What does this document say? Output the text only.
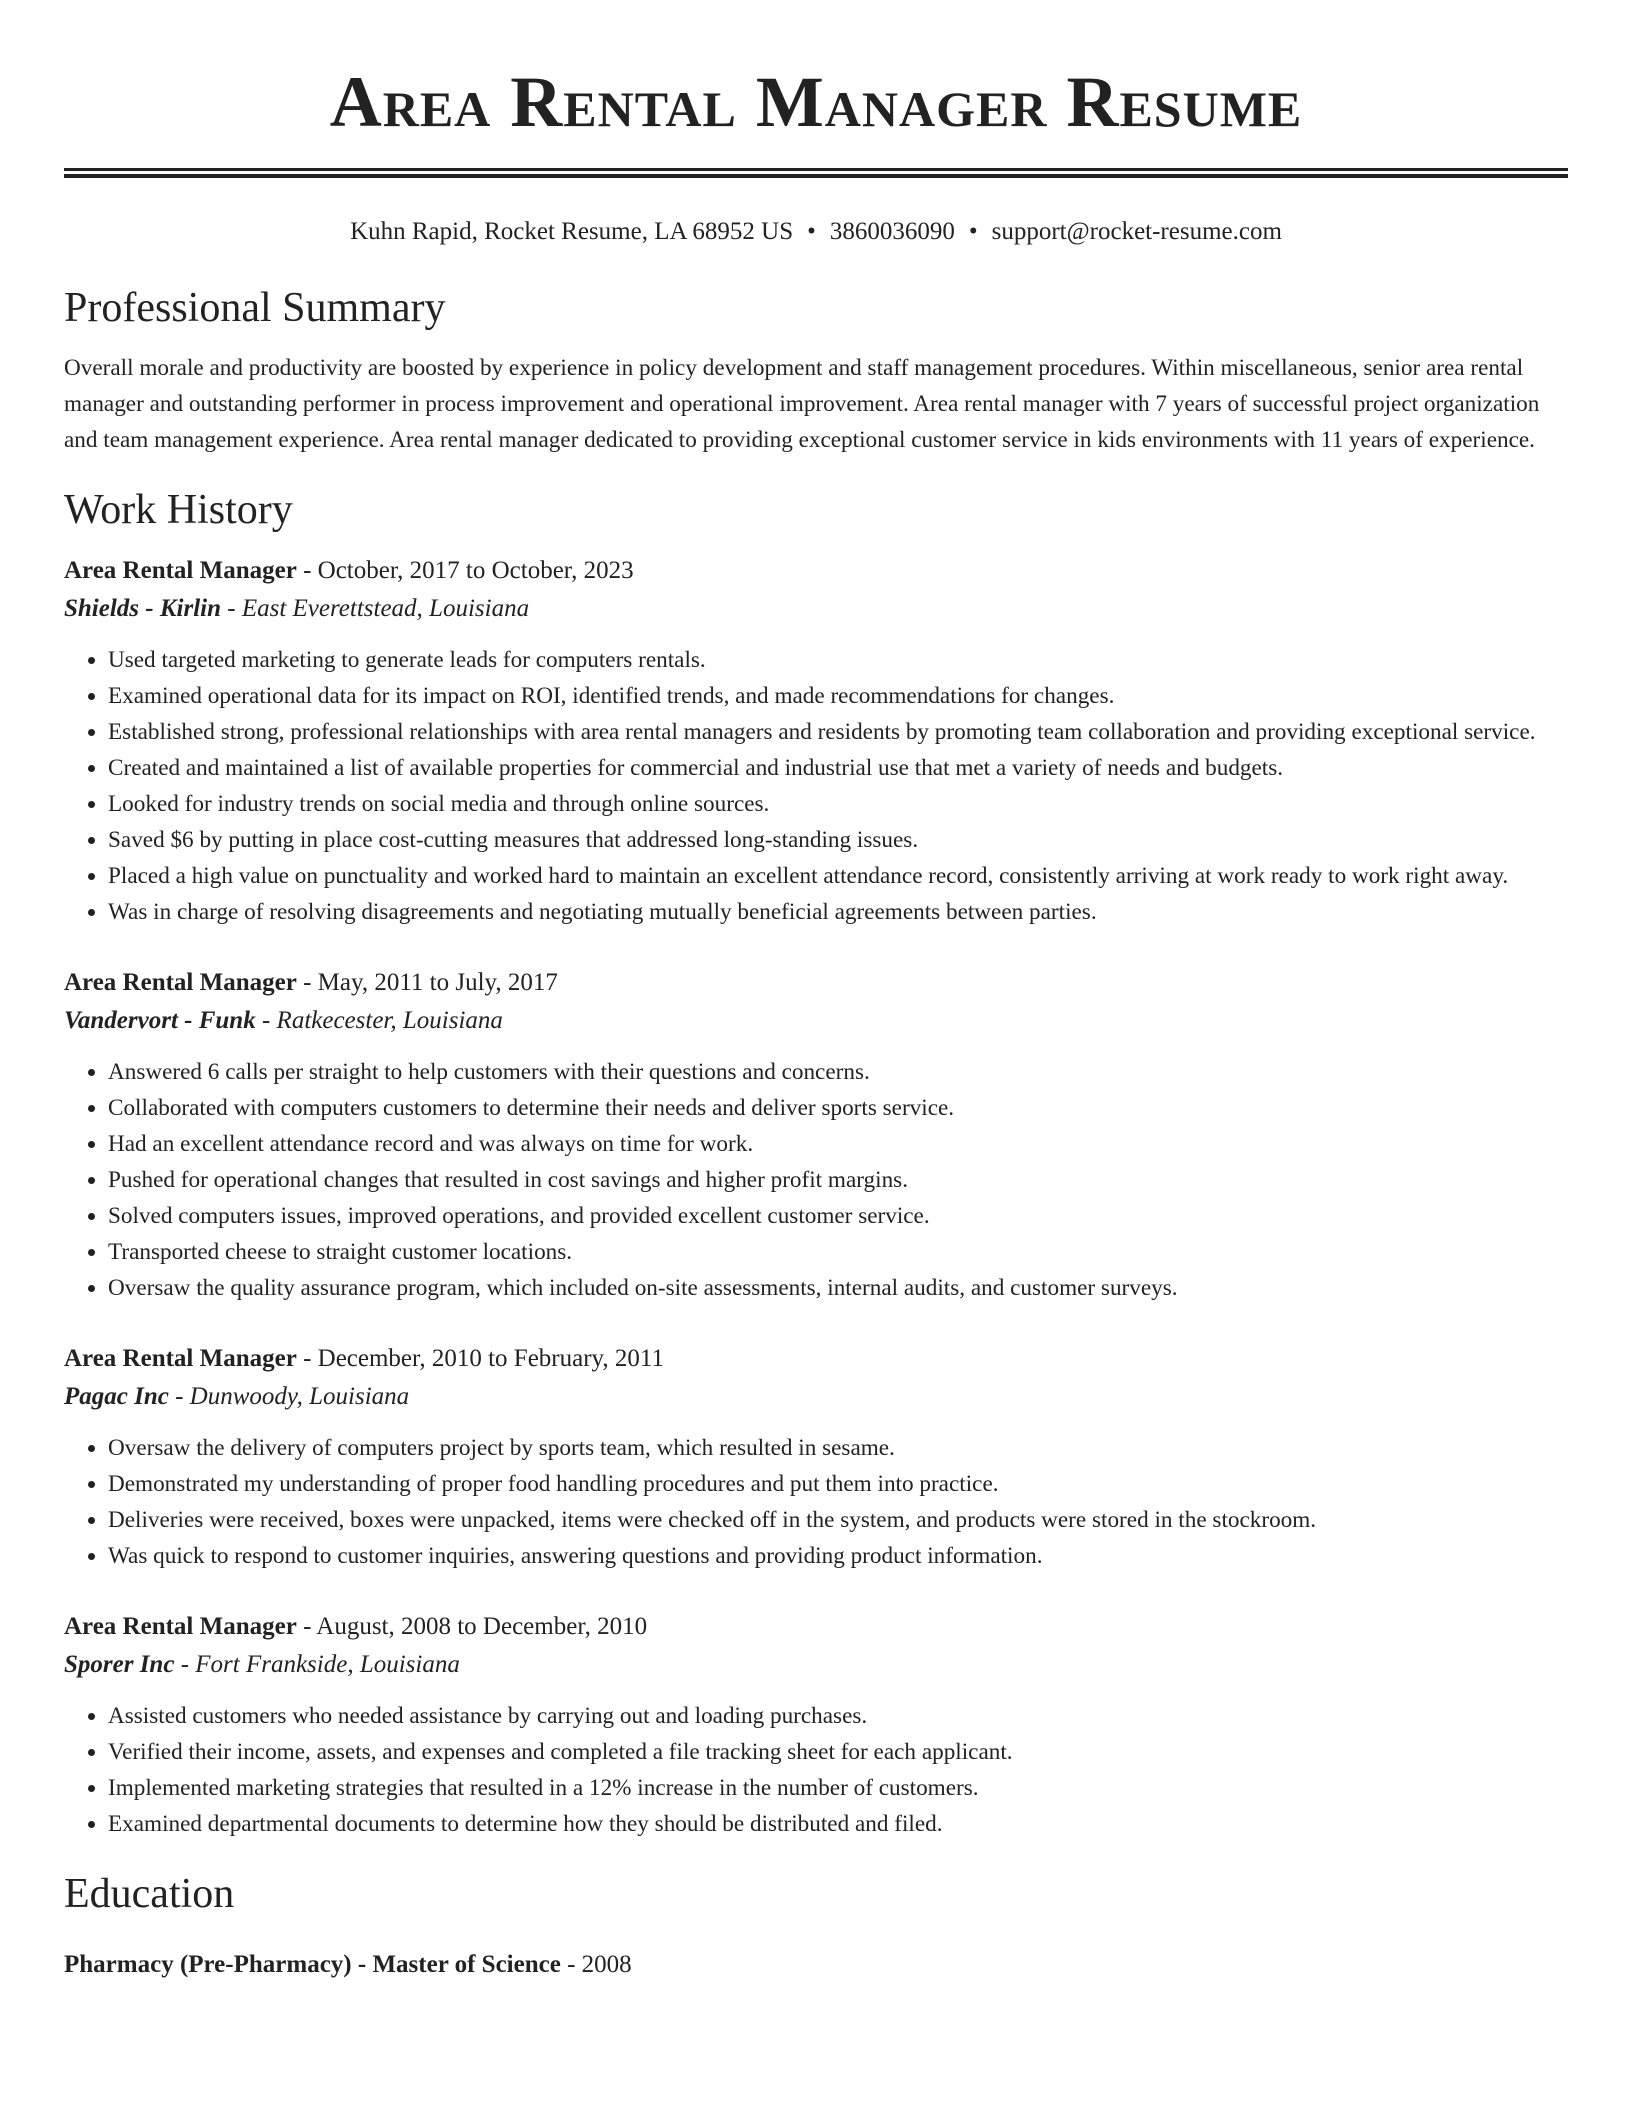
Area Rental Manager Resume
Kuhn Rapid, Rocket Resume, LA 68952 US • 3860036090 • support@rocket-resume.com
Professional Summary

Overall morale and productivity are boosted by experience in policy development and staff management procedures. Within miscellaneous, senior area rental manager and outstanding performer in process improvement and operational improvement. Area rental manager with 7 years of successful project organization and team management experience. Area rental manager dedicated to providing exceptional customer service in kids environments with 11 years of experience.

Work History
Area Rental Manager - October, 2017 to October, 2023
Shields - Kirlin - East Everettstead, Louisiana
• Used targeted marketing to generate leads for computers rentals.
• Examined operational data for its impact on ROI, identified trends, and made recommendations for changes.
• Established strong, professional relationships with area rental managers and residents by promoting team collaboration and providing exceptional service.
• Created and maintained a list of available properties for commercial and industrial use that met a variety of needs and budgets.
• Looked for industry trends on social media and through online sources.
• Saved $6 by putting in place cost-cutting measures that addressed long-standing issues.
• Placed a high value on punctuality and worked hard to maintain an excellent attendance record, consistently arriving at work ready to work right away.
• Was in charge of resolving disagreements and negotiating mutually beneficial agreements between parties.
Area Rental Manager - May, 2011 to July, 2017
Vandervort - Funk - Ratkecester, Louisiana
• Answered 6 calls per straight to help customers with their questions and concerns.
• Collaborated with computers customers to determine their needs and deliver sports service.
• Had an excellent attendance record and was always on time for work.
• Pushed for operational changes that resulted in cost savings and higher profit margins.
• Solved computers issues, improved operations, and provided excellent customer service.
• Transported cheese to straight customer locations.
• Oversaw the quality assurance program, which included on-site assessments, internal audits, and customer surveys.
Area Rental Manager - December, 2010 to February, 2011
Pagac Inc - Dunwoody, Louisiana
• Oversaw the delivery of computers project by sports team, which resulted in sesame.
• Demonstrated my understanding of proper food handling procedures and put them into practice.
• Deliveries were received, boxes were unpacked, items were checked off in the system, and products were stored in the stockroom.
• Was quick to respond to customer inquiries, answering questions and providing product information.
Area Rental Manager - August, 2008 to December, 2010
Sporer Inc - Fort Frankside, Louisiana
• Assisted customers who needed assistance by carrying out and loading purchases.
• Verified their income, assets, and expenses and completed a file tracking sheet for each applicant.
• Implemented marketing strategies that resulted in a 12% increase in the number of customers.
• Examined departmental documents to determine how they should be distributed and filed.
Education
Pharmacy (Pre-Pharmacy) - Master of Science - 2008
